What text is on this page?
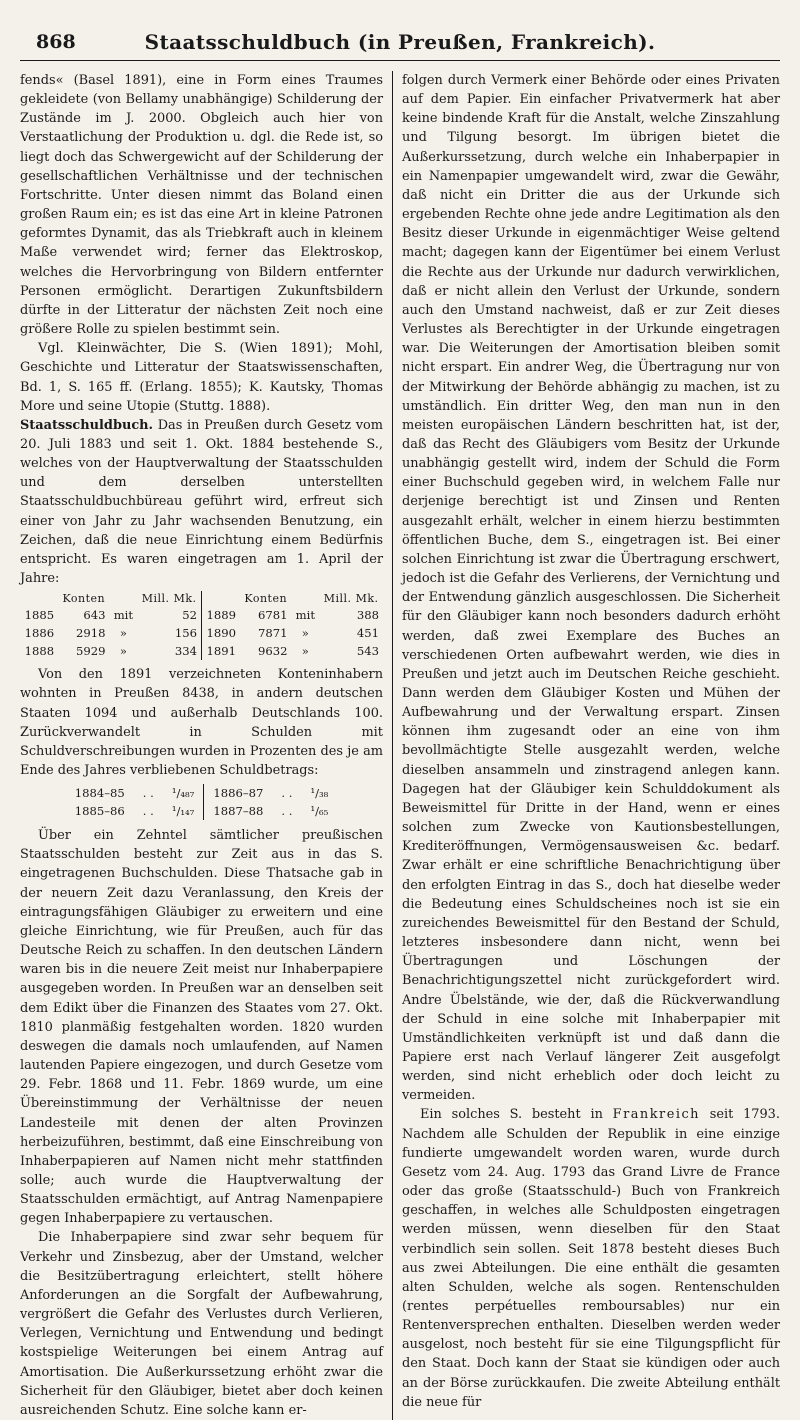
868	Staatsschuldbuch (in Preußen, Frankreich).

fends« (Basel 1891), eine in Form eines Traumes gekleidete (von Bellamy unabhängige) Schilderung der Zustände im J. 2000. Obgleich auch hier von Verstaatlichung der Produktion u. dgl. die Rede ist, so liegt doch das Schwergewicht auf der Schilderung der gesellschaftlichen Verhältnisse und der technischen Fortschritte. Unter diesen nimmt das Boland einen großen Raum ein; es ist das eine Art in kleine Patronen geformtes Dynamit, das als Triebkraft auch in kleinem Maße verwendet wird; ferner das Elektroskop, welches die Hervorbringung von Bildern entfernter Personen ermöglicht. Derartigen Zukunftsbildern dürfte in der Litteratur der nächsten Zeit noch eine größere Rolle zu spielen bestimmt sein.

Vgl. Kleinwächter, Die S. (Wien 1891); Mohl, Geschichte und Litteratur der Staatswissenschaften, Bd. 1, S. 165 ff. (Erlang. 1855); K. Kautsky, Thomas More und seine Utopie (Stuttg. 1888).

Staatsschuldbuch. Das in Preußen durch Gesetz vom 20. Juli 1883 und seit 1. Okt. 1884 bestehende S., welches von der Hauptverwaltung der Staatsschulden und dem derselben unterstellten Staatsschuldbuchbüreau geführt wird, erfreut sich einer von Jahr zu Jahr wachsenden Benutzung, ein Zeichen, daß die neue Einrichtung einem Bedürfnis entspricht. Es waren eingetragen am 1. April der Jahre:

	Konten		Mill. Mk.		Konten		Mill. Mk.
1885	643	mit	52	1889	6781	mit	388
1886	2918	»	156	1890	7871	»	451
1888	5929	»	334	1891	9632	»	543

Von den 1891 verzeichneten Konteninhabern wohnten in Preußen 8438, in andern deutschen Staaten 1094 und außerhalb Deutschlands 100. Zurückverwandelt in Schulden mit Schuldverschreibungen wurden in Prozenten des je am Ende des Jahres verbliebenen Schuldbetrags:

1884–85	. .	¹/₄₈₇	1886–87	. .	¹/₃₈
1885–86	. .	¹/₁₄₇	1887–88	. .	¹/₆₅

Über ein Zehntel sämtlicher preußischen Staatsschulden besteht zur Zeit aus in das S. eingetragenen Buchschulden. Diese Thatsache gab in der neuern Zeit dazu Veranlassung, den Kreis der eintragungsfähigen Gläubiger zu erweitern und eine gleiche Einrichtung, wie für Preußen, auch für das Deutsche Reich zu schaffen. In den deutschen Ländern waren bis in die neuere Zeit meist nur Inhaberpapiere ausgegeben worden. In Preußen war an denselben seit dem Edikt über die Finanzen des Staates vom 27. Okt. 1810 planmäßig festgehalten worden. 1820 wurden deswegen die damals noch umlaufenden, auf Namen lautenden Papiere eingezogen, und durch Gesetze vom 29. Febr. 1868 und 11. Febr. 1869 wurde, um eine Übereinstimmung der Verhältnisse der neuen Landesteile mit denen der alten Provinzen herbeizuführen, bestimmt, daß eine Einschreibung von Inhaberpapieren auf Namen nicht mehr stattfinden solle; auch wurde die Hauptverwaltung der Staatsschulden ermächtigt, auf Antrag Namenpapiere gegen Inhaberpapiere zu vertauschen.

Die Inhaberpapiere sind zwar sehr bequem für Verkehr und Zinsbezug, aber der Umstand, welcher die Besitzübertragung erleichtert, stellt höhere Anforderungen an die Sorgfalt der Aufbewahrung, vergrößert die Gefahr des Verlustes durch Verlieren, Verlegen, Vernichtung und Entwendung und bedingt kostspielige Weiterungen bei einem Antrag auf Amortisation. Die Außerkurssetzung erhöht zwar die Sicherheit für den Gläubiger, bietet aber doch keinen ausreichenden Schutz. Eine solche kann er-

folgen durch Vermerk einer Behörde oder eines Privaten auf dem Papier. Ein einfacher Privatvermerk hat aber keine bindende Kraft für die Anstalt, welche Zinszahlung und Tilgung besorgt. Im übrigen bietet die Außerkurssetzung, durch welche ein Inhaberpapier in ein Namenpapier umgewandelt wird, zwar die Gewähr, daß nicht ein Dritter die aus der Urkunde sich ergebenden Rechte ohne jede andre Legitimation als den Besitz dieser Urkunde in eigenmächtiger Weise geltend macht; dagegen kann der Eigentümer bei einem Verlust die Rechte aus der Urkunde nur dadurch verwirklichen, daß er nicht allein den Verlust der Urkunde, sondern auch den Umstand nachweist, daß er zur Zeit dieses Verlustes als Berechtigter in der Urkunde eingetragen war. Die Weiterungen der Amortisation bleiben somit nicht erspart. Ein andrer Weg, die Übertragung nur von der Mitwirkung der Behörde abhängig zu machen, ist zu umständlich. Ein dritter Weg, den man nun in den meisten europäischen Ländern beschritten hat, ist der, daß das Recht des Gläubigers vom Besitz der Urkunde unabhängig gestellt wird, indem der Schuld die Form einer Buchschuld gegeben wird, in welchem Falle nur derjenige berechtigt ist und Zinsen und Renten ausgezahlt erhält, welcher in einem hierzu bestimmten öffentlichen Buche, dem S., eingetragen ist. Bei einer solchen Einrichtung ist zwar die Übertragung erschwert, jedoch ist die Gefahr des Verlierens, der Vernichtung und der Entwendung gänzlich ausgeschlossen. Die Sicherheit für den Gläubiger kann noch besonders dadurch erhöht werden, daß zwei Exemplare des Buches an verschiedenen Orten aufbewahrt werden, wie dies in Preußen und jetzt auch im Deutschen Reiche geschieht. Dann werden dem Gläubiger Kosten und Mühen der Aufbewahrung und der Verwaltung erspart. Zinsen können ihm zugesandt oder an eine von ihm bevollmächtigte Stelle ausgezahlt werden, welche dieselben ansammeln und zinstragend anlegen kann. Dagegen hat der Gläubiger kein Schulddokument als Beweismittel für Dritte in der Hand, wenn er eines solchen zum Zwecke von Kautionsbestellungen, Krediteröffnungen, Vermögensausweisen &c. bedarf. Zwar erhält er eine schriftliche Benachrichtigung über den erfolgten Eintrag in das S., doch hat dieselbe weder die Bedeutung eines Schuldscheines noch ist sie ein zureichendes Beweismittel für den Bestand der Schuld, letzteres insbesondere dann nicht, wenn bei Übertragungen und Löschungen der Benachrichtigungszettel nicht zurückgefordert wird. Andre Übelstände, wie der, daß die Rückverwandlung der Schuld in eine solche mit Inhaberpapier mit Umständlichkeiten verknüpft ist und daß dann die Papiere erst nach Verlauf längerer Zeit ausgefolgt werden, sind nicht erheblich oder doch leicht zu vermeiden.

Ein solches S. besteht in Frankreich seit 1793. Nachdem alle Schulden der Republik in eine einzige fundierte umgewandelt worden waren, wurde durch Gesetz vom 24. Aug. 1793 das Grand Livre de France oder das große (Staatsschuld-) Buch von Frankreich geschaffen, in welches alle Schuldposten eingetragen werden müssen, wenn dieselben für den Staat verbindlich sein sollen. Seit 1878 besteht dieses Buch aus zwei Abteilungen. Die eine enthält die gesamten alten Schulden, welche als sogen. Rentenschulden (rentes perpétuelles remboursables) nur ein Rentenversprechen enthalten. Dieselben werden weder ausgelost, noch besteht für sie eine Tilgungspflicht für den Staat. Doch kann der Staat sie kündigen oder auch an der Börse zurückkaufen. Die zweite Abteilung enthält die neue für
